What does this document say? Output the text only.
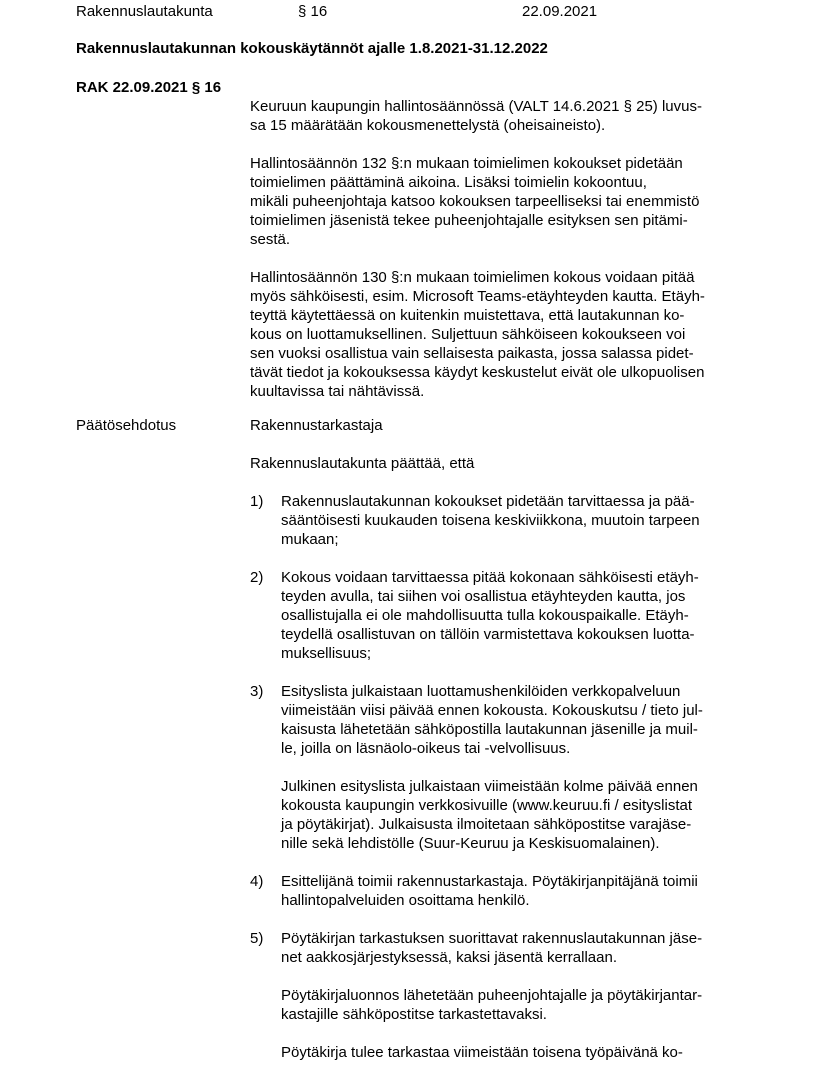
Rakennuslautakunta	§ 16	22.09.2021
Rakennuslautakunnan kokouskäytännöt ajalle 1.8.2021-31.12.2022
RAK 22.09.2021 § 16

Keuruun kaupungin hallintosäännössä (VALT 14.6.2021 § 25) luvus-
sa 15 määrätään kokousmenettelystä (oheisaineisto).

Hallintosäännön 132 §:n mukaan toimielimen kokoukset pidetään
toimielimen päättäminä aikoina. Lisäksi toimielin kokoontuu,
mikäli puheenjohtaja katsoo kokouksen tarpeelliseksi tai enemmistö
toimielimen jäsenistä tekee puheenjohtajalle esityksen sen pitämi-
sestä.

Hallintosäännön 130 §:n mukaan toimielimen kokous voidaan pitää
myös sähköisesti, esim. Microsoft Teams-etäyhteyden kautta. Etäyh-
teyttä käytettäessä on kuitenkin muistettava, että lautakunnan ko-
kous on luottamuksellinen. Suljettuun sähköiseen kokoukseen voi
sen vuoksi osallistua vain sellaisesta paikasta, jossa salassa pidet-
tävät tiedot ja kokouksessa käydyt keskustelut eivät ole ulkopuolisen
kuultavissa tai nähtävissä.

Päätösehdotus	Rakennustarkastaja

Rakennuslautakunta päättää, että

1)	Rakennuslautakunnan kokoukset pidetään tarvittaessa ja pää-
sääntöisesti kuukauden toisena keskiviikkona, muutoin tarpeen
mukaan;

2)	Kokous voidaan tarvittaessa pitää kokonaan sähköisesti etäyh-
teyden avulla, tai siihen voi osallistua etäyhteyden kautta, jos
osallistujalla ei ole mahdollisuutta tulla kokouspaikalle. Etäyh-
teydellä osallistuvan on tällöin varmistettava kokouksen luotta-
muksellisuus;

3)	Esityslista julkaistaan luottamushenkilöiden verkkopalveluun
viimeistään viisi päivää ennen kokousta. Kokouskutsu / tieto jul-
kaisusta lähetetään sähköpostilla lautakunnan jäsenille ja muil-
le, joilla on läsnäolo-oikeus tai -velvollisuus.

Julkinen esityslista julkaistaan viimeistään kolme päivää ennen
kokousta kaupungin verkkosivuille (www.keuruu.fi / esityslistat
ja pöytäkirjat). Julkaisusta ilmoitetaan sähköpostitse varajäse-
nille sekä lehdistölle (Suur-Keuruu ja Keskisuomalainen).

4)	Esittelijänä toimii rakennustarkastaja. Pöytäkirjanpitäjänä toimii
hallintopalveluiden osoittama henkilö.

5)	Pöytäkirjan tarkastuksen suorittavat rakennuslautakunnan jäse-
net aakkosjärjestyksessä, kaksi jäsentä kerrallaan.

Pöytäkirjaluonnos lähetetään puheenjohtajalle ja pöytäkirjantar-
kastajille sähköpostitse tarkastettavaksi.

Pöytäkirja tulee tarkastaa viimeistään toisena työpäivänä ko-
